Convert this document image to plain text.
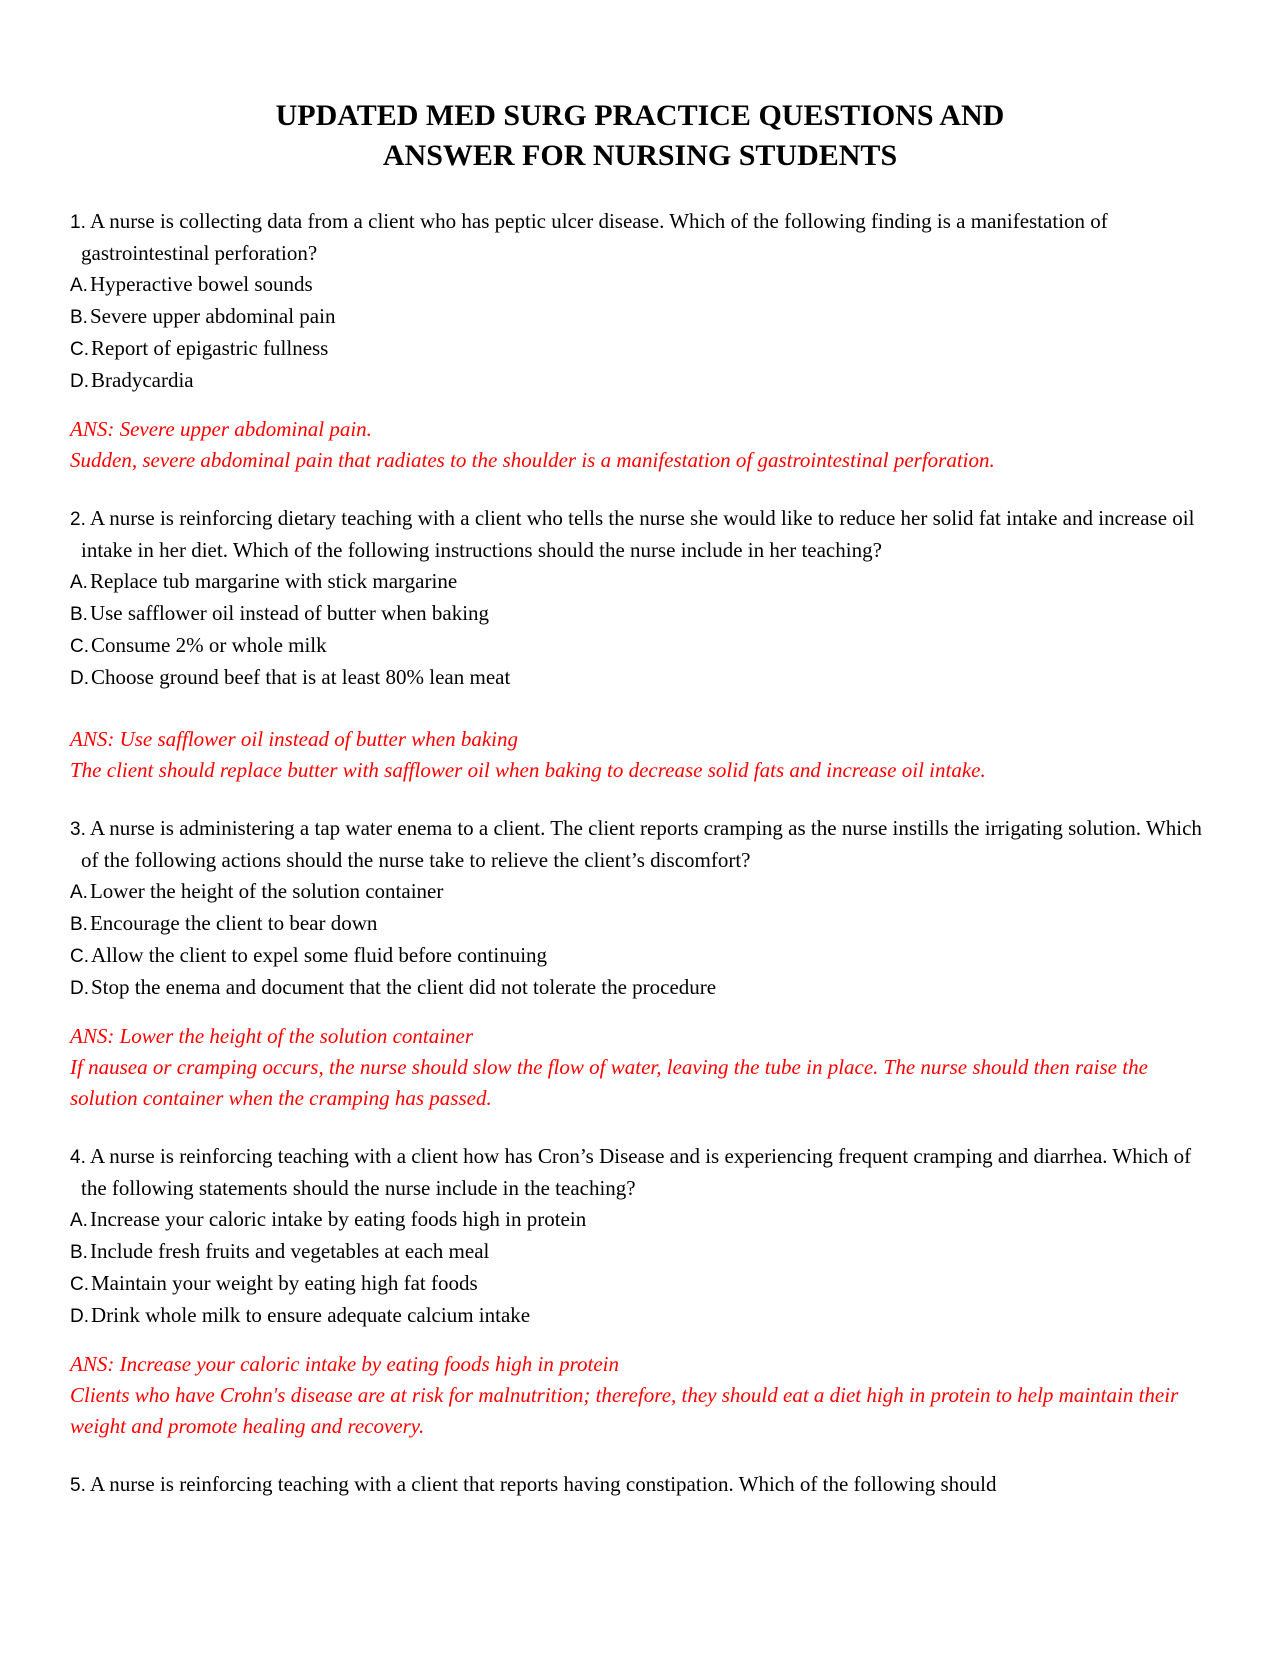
UPDATED MED SURG PRACTICE QUESTIONS AND
ANSWER FOR NURSING STUDENTS

1. A nurse is collecting data from a client who has peptic ulcer disease. Which of the following finding is a manifestation of gastrointestinal perforation?

A.Hyperactive bowel sounds

B.Severe upper abdominal pain

C.Report of epigastric fullness

D.Bradycardia

ANS: Severe upper abdominal pain.

Sudden, severe abdominal pain that radiates to the shoulder is a manifestation of gastrointestinal perforation.

2. A nurse is reinforcing dietary teaching with a client who tells the nurse she would like to reduce her solid fat intake and increase oil intake in her diet. Which of the following instructions should the nurse include in her teaching?

A.Replace tub margarine with stick margarine

B.Use safflower oil instead of butter when baking

C.Consume 2% or whole milk

D.Choose ground beef that is at least 80% lean meat

ANS: Use safflower oil instead of butter when baking

The client should replace butter with safflower oil when baking to decrease solid fats and increase oil intake.

3. A nurse is administering a tap water enema to a client. The client reports cramping as the nurse instills the irrigating solution. Which of the following actions should the nurse take to relieve the client’s discomfort?

A.Lower the height of the solution container

B.Encourage the client to bear down

C.Allow the client to expel some fluid before continuing

D.Stop the enema and document that the client did not tolerate the procedure

ANS: Lower the height of the solution container

If nausea or cramping occurs, the nurse should slow the flow of water, leaving the tube in place. The nurse should then raise the solution container when the cramping has passed.

4. A nurse is reinforcing teaching with a client how has Cron’s Disease and is experiencing frequent cramping and diarrhea. Which of the following statements should the nurse include in the teaching?

A.Increase your caloric intake by eating foods high in protein

B.Include fresh fruits and vegetables at each meal

C.Maintain your weight by eating high fat foods

D.Drink whole milk to ensure adequate calcium intake

ANS: Increase your caloric intake by eating foods high in protein

Clients who have Crohn's disease are at risk for malnutrition; therefore, they should eat a diet high in protein to help maintain their weight and promote healing and recovery.

5. A nurse is reinforcing teaching with a client that reports having constipation. Which of the following should
